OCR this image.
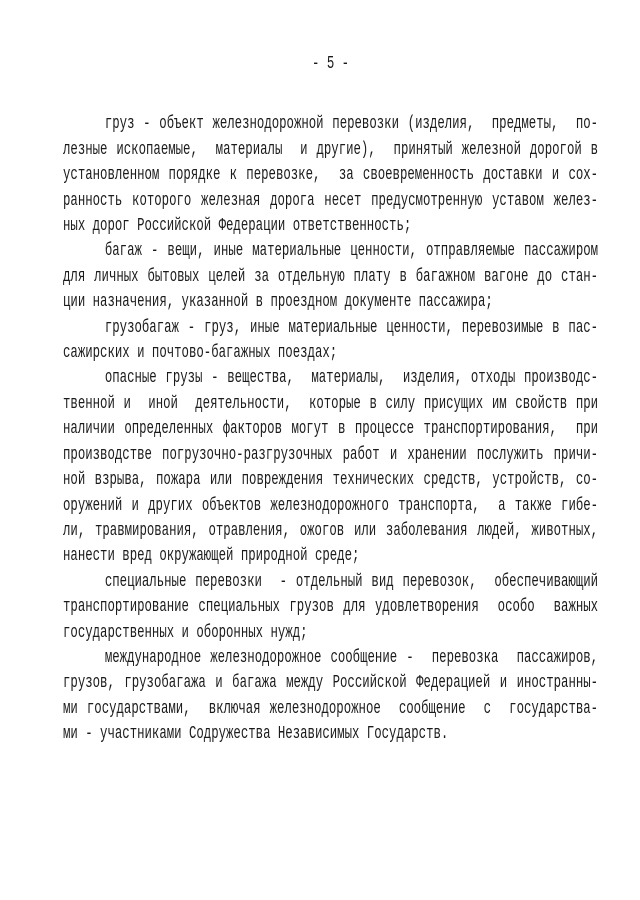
- 5 -
груз - объект железнодорожной перевозки (изделия,  предметы,  по-
лезные ископаемые,  материалы  и другие),  принятый железной дорогой в
установленном порядке к перевозке,  за своевременность доставки и сох-
ранность которого железная дорога несет предусмотренную уставом желез-
ных дорог Российской Федерации ответственность;
багаж - вещи, иные материальные ценности, отправляемые пассажиром
для личных бытовых целей за отдельную плату в багажном вагоне до стан-
ции назначения, указанной в проездном документе пассажира;
грузобагаж - груз, иные материальные ценности, перевозимые в пас-
сажирских и почтово-багажных поездах;
опасные грузы - вещества,  материалы,  изделия, отходы производс-
твенной и  иной  деятельности,  которые в силу присущих им свойств при
наличии определенных факторов могут в процессе транспортирования,  при
производстве погрузочно-разгрузочных работ и хранении послужить причи-
ной взрыва, пожара или повреждения технических средств, устройств, со-
оружений и других объектов железнодорожного транспорта,  а также гибе-
ли, травмирования, отравления, ожогов или заболевания людей, животных,
нанести вред окружающей природной среде;
специальные перевозки  - отдельный вид перевозок,  обеспечивающий
транспортирование специальных грузов для удовлетворения  особо  важных
государственных и оборонных нужд;
международное железнодорожное сообщение -  перевозка  пассажиров,
грузов, грузобагажа и багажа между Российской Федерацией и иностранны-
ми государствами,  включая железнодорожное  сообщение  с  государства-
ми - участниками Содружества Независимых Государств.
